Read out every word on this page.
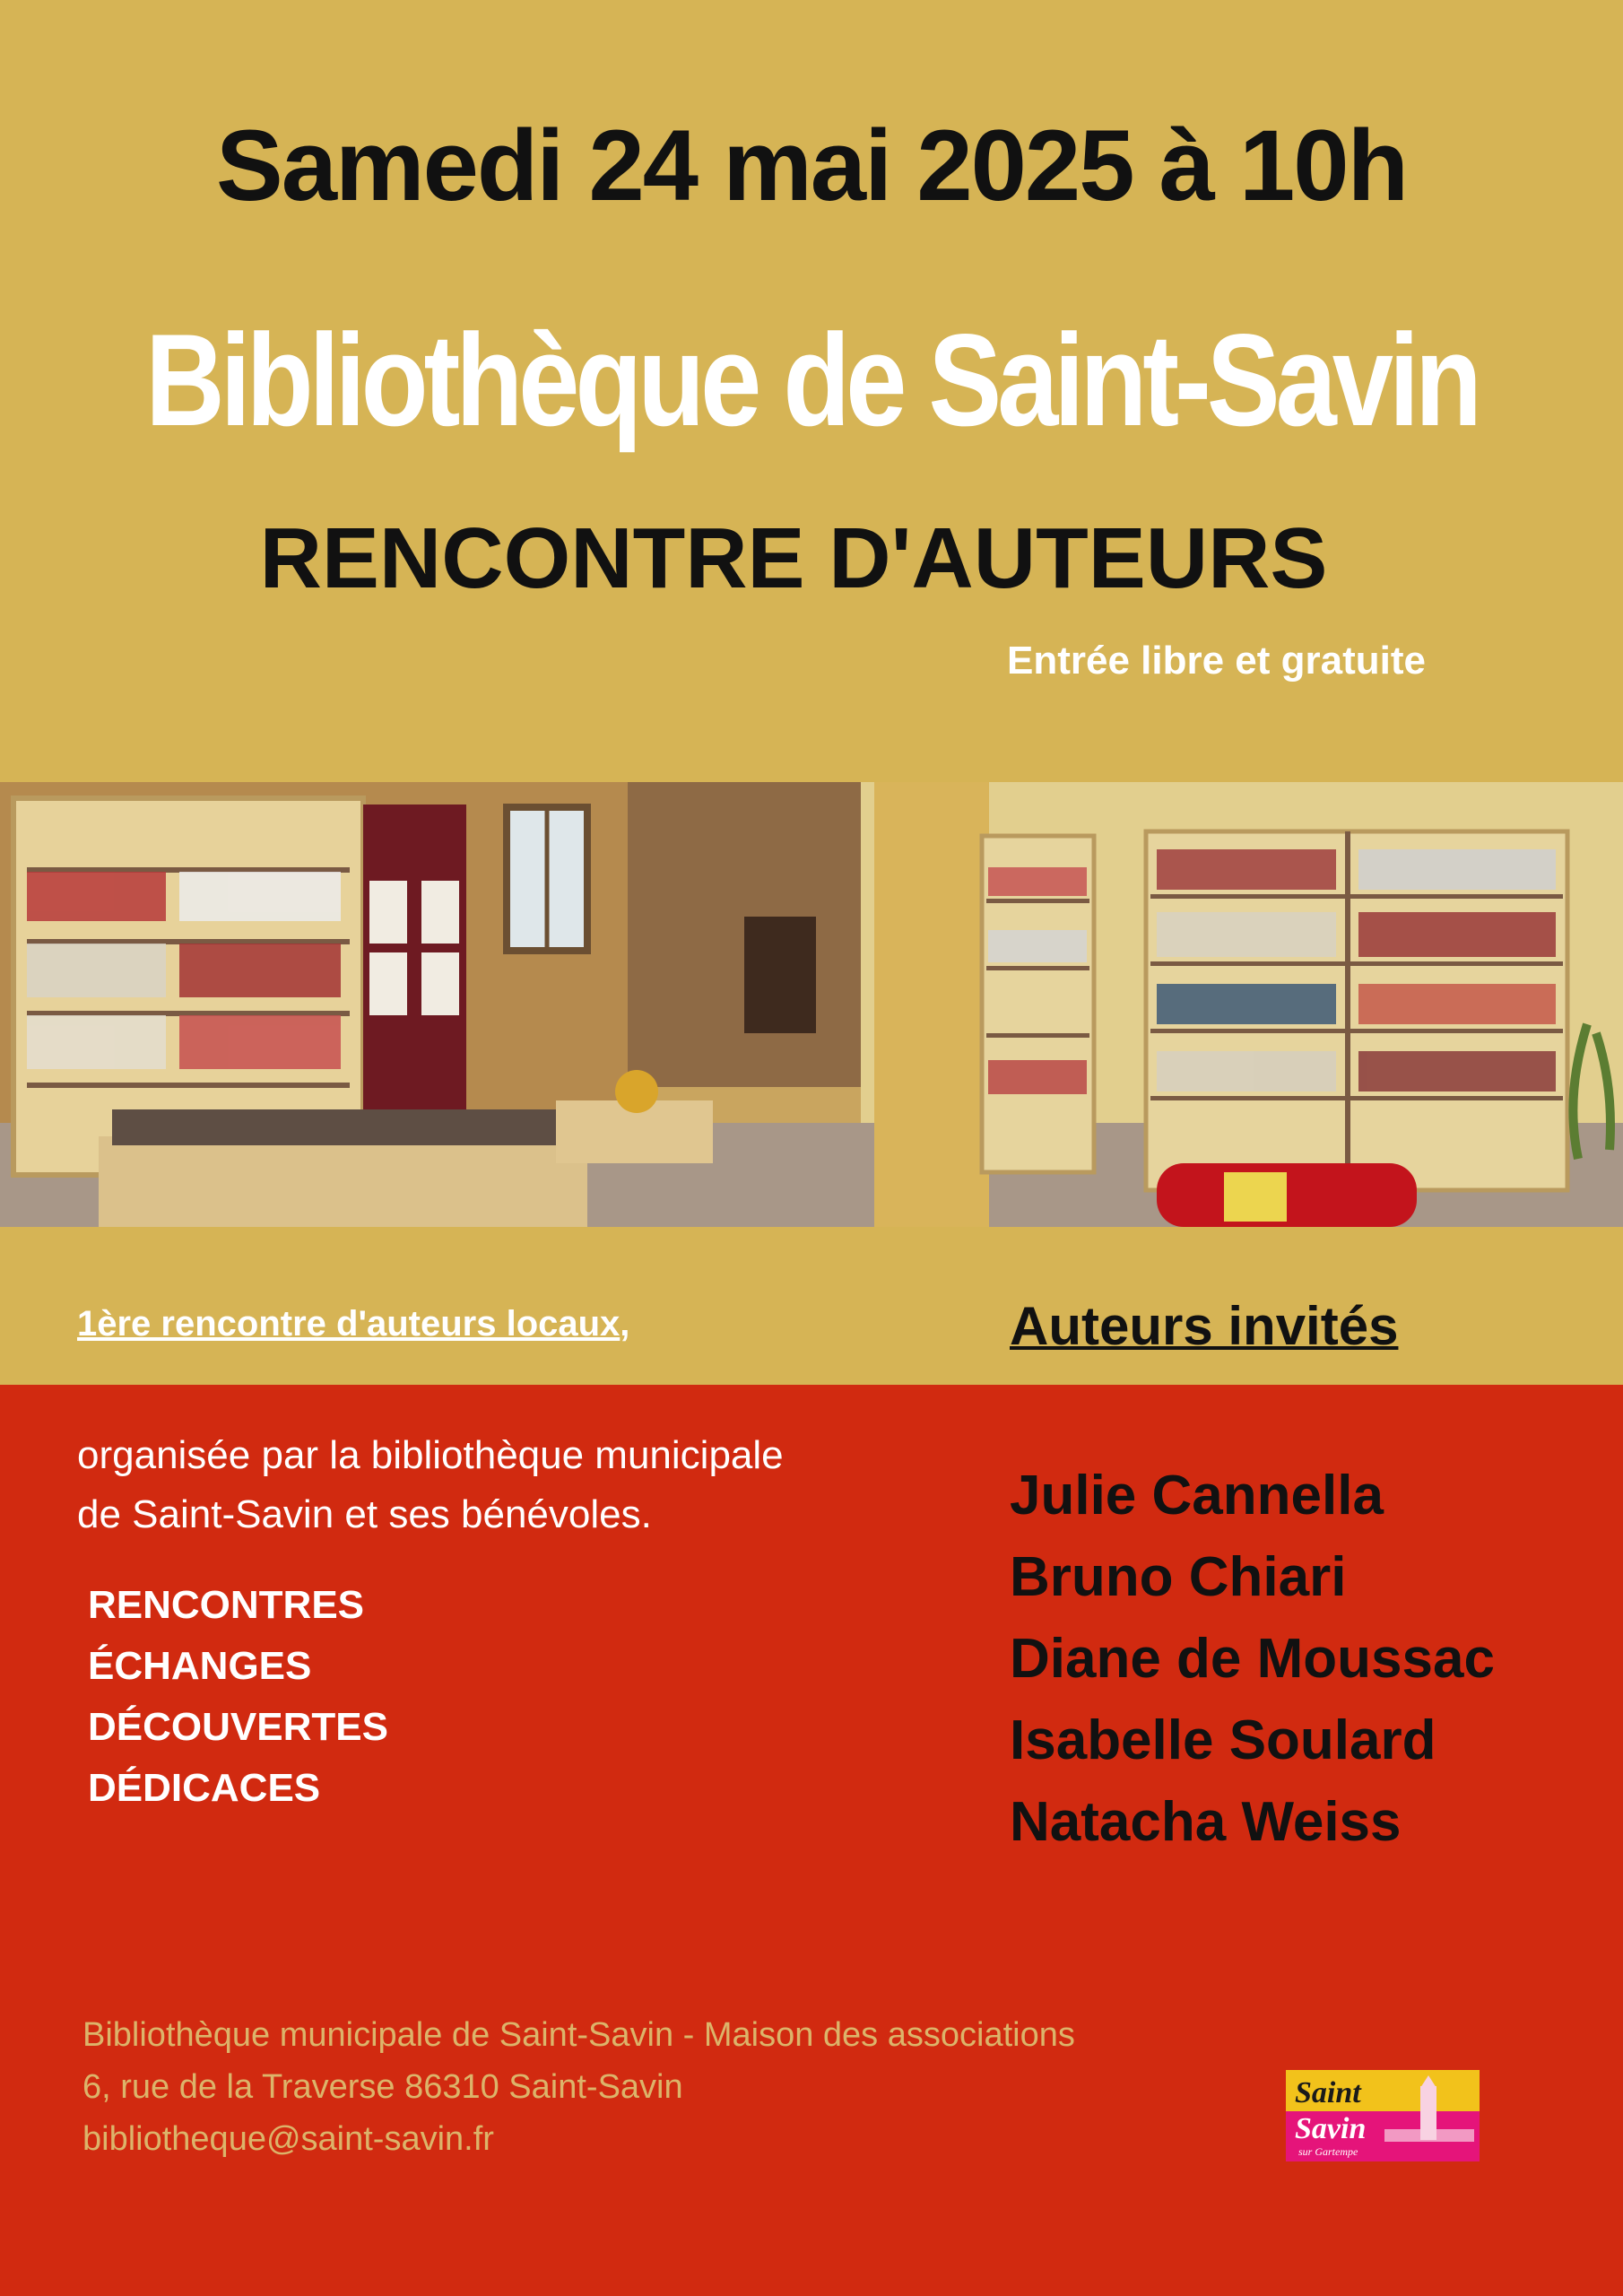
Samedi 24 mai 2025 à 10h
Bibliothèque de Saint-Savin
RENCONTRE D'AUTEURS
Entrée libre et gratuite
1ère rencontre d'auteurs locaux,	Auteurs invités
organisée par la bibliothèque municipale
de Saint-Savin et ses bénévoles.
RENCONTRES
ÉCHANGES
DÉCOUVERTES
DÉDICACES
Julie Cannella
Bruno Chiari
Diane de Moussac
Isabelle Soulard
Natacha Weiss
Bibliothèque municipale de Saint-Savin - Maison des associations
6, rue de la Traverse 86310 Saint-Savin
bibliotheque@saint-savin.fr
Saint
Savin
sur Gartempe
